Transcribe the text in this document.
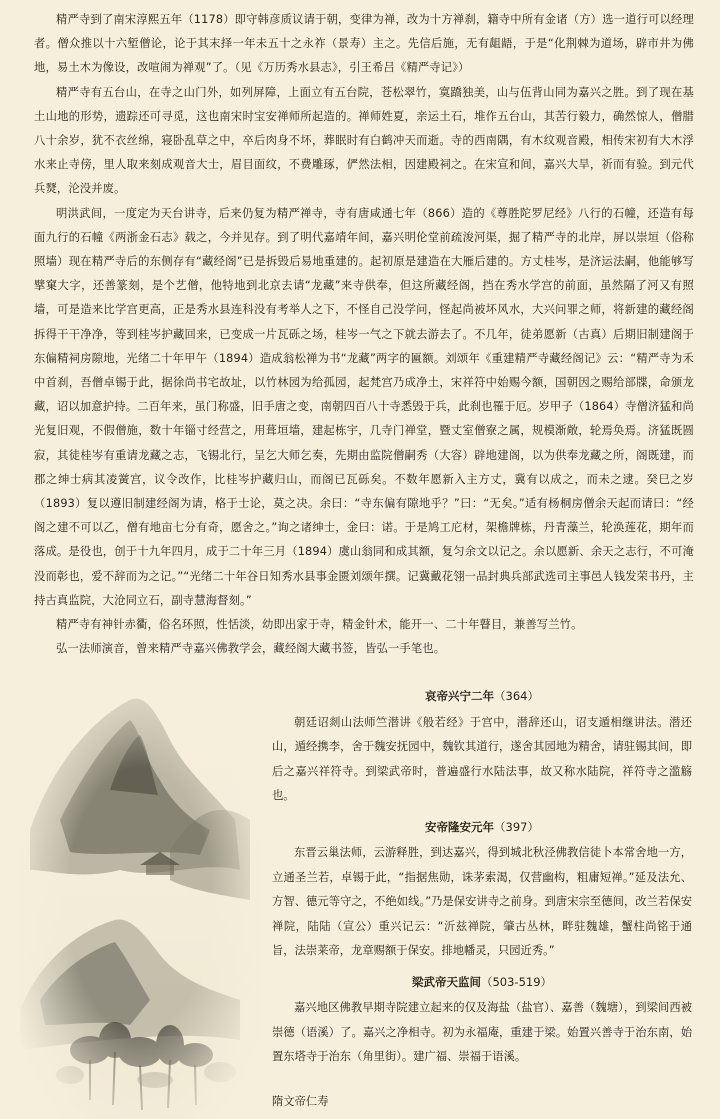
精严寺到了南宋淳熙五年（1178）即守韩彦质议请于朝，变律为禅，改为十方禅刹，籍寺中所有金诸（方）选一道行可以经理者。僧众推以十六堑僧论，论于其末择一年未五十之永祚（景寿）主之。先信后施，无有龃龉，于是“化荆棘为道场，辟市井为佛地，易土木为像设，改喧闹为禅观”了。（见《万历秀水县志》，引王希吕《精严寺记》）

精严寺有五台山，在寺之山门外，如列屏障，上面立有五台院，苍松翠竹，寞蹻独美，山与伍背山同为嘉兴之胜。到了现在基土山地的形势，遗踪还可寻觅，这也南宋时宝安禅师所起造的。禅师姓夏，亲运土石，堆作五台山，其苦行毅力，确然惊人，僧腊八十余岁，犹不衣丝绵，寝卧乱草之中，卒后肉身不坏，葬眠时有白鹤冲天而逝。寺的西南隅，有木纹观音殿，相传宋初有大木浮水来止寺傍，里人取来刻成观音大士，眉目面纹，不费雕琢，俨然法相，因建殿祠之。在宋宣和间，嘉兴大旱，祈而有验。到元代兵燹，沦没并废。

明洪武间，一度定为天台讲寺，后来仍复为精严禅寺，寺有唐咸通七年（866）造的《尊胜陀罗尼经》八行的石幢，还造有每面九行的石幢《两浙金石志》载之，今并见存。到了明代嘉靖年间，嘉兴明伦堂前疏浚河渠，掘了精严寺的北岸，屏以崇垣（俗称照墙）现在精严寺后的东侧存有“藏经阁”已是拆毁后易地重建的。起初原是建造在大雁后建的。方丈桂岑，是济运法嗣，他能够写擘窠大字，还善篆刻，是个艺僧，他特地到北京去请“龙藏”来寺供奉，但这所藏经阁，挡在秀水学宫的前面，虽然隔了河又有照墙，可是造来比学宫更高，正是秀水县连科没有考举人之下，不怪自己没学问，怪起尚被坏风水，大兴问罪之师，将新建的藏经阁拆得干干净净，等到桂岑护藏回来，已变成一片瓦砾之场，桂岑一气之下就去游去了。不几年，徒弟愿新（古真）后期旧制建阁于东偏精祠房隙地，光绪二十年甲午（1894）造成翁松禅为书“龙藏”两字的匾额。刘颂年《重建精严寺藏经阁记》云：“精严寺为禾中首刹，吾僧卓锡于此，据徐尚书宅故址，以竹林园为给孤园，起梵宫乃成净土，宋祥符中始赐今额，国朝因之赐给部牒，命颁龙藏，诏以加意护持。二百年来，虽门称盛，旧手唐之变，南朝四百八十寺悉毁于兵，此刹也罹于厄。岁甲子（1864）寺僧济猛和尚光复旧观，不假僧施，数十年锱寸经营之，用葺垣墙，建起栋宇，几寺门禅堂，暨丈室僧寮之属，规模渐敞，轮焉奂焉。济猛既圆寂，其徒桂岑有重请龙藏之志，飞锡北行，呈乞大师乞奏，先期由监院僧嗣秀（大容）辟地建阁，以为供奉龙藏之所，阁既建，而郡之绅士病其凌黉宫，议令改作，比桂岑护藏归山，而阁已瓦砾矣。不数年愿新入主方丈，冀有以成之，而未之逮。癸巳之岁（1893）复以遵旧制建经阁为请，格于士论，莫之决。余曰：“寺东偏有隙地乎？”曰：“无矣。”适有杨桐房僧余天起而请曰：“经阁之建不可以乙，僧有地亩七分有奇，愿舍之。”询之诸绅士，金曰：诺。于是鸠工庀材，架檐牌栋，丹青藻兰，轮涣莲花，期年而落成。是役也，创于十九年四月，成于二十年三月（1894）虞山翁同和成其额，复匀余文以记之。余以愿新、余天之志行，不可淹没而彰也，爱不辞而为之记。”“光绪二十年谷日知秀水县事金匮刘颂年撰。记冀戴花翎一品封典兵部武选司主事邑人钱发荣书丹，主持古真监院，大沧同立石，副寺慧海督刻。”

精严寺有神针赤衢，俗名环照，性恬淡，幼即出家于寺，精金针术，能开一、二十年瞽目，兼善写兰竹。

弘一法师演音，曾来精严寺嘉兴佛教学会，藏经阁大藏书签，皆弘一手笔也。

哀帝兴宁二年（364）

朝廷诏剡山法师竺潜讲《般若经》于宫中，潜辞还山，诏支遁相继讲法。潜还山，遁经携李，舍于魏安抚园中，魏钦其道行，遂舍其园地为精舍，请驻锡其间，即后之嘉兴祥符寺。到梁武帝时，普遍盛行水陆法事，故又称水陆院，祥符寺之滥觞也。

安帝隆安元年（397）

东晋云巢法师，云游释胜，到达嘉兴，得到城北秋泾佛教信徒卜本常舍地一方，立通圣兰若，卓锡于此，“指据焦勋，诛茅索渴，仅营幽构，粗庸短禅。”延及法允、方智、德元等守之，不绝如线。”乃是保安讲寺之前身。到唐宋宗至德间，改兰若保安禅院，陆陆（宣公）重兴记云：“沂兹禅院，肇古丛林，畔驻魏雄，蟹柱尚铭于通旨，法崇莱帝，龙章赐额于保安。排地幡灵，只园近秀。”

梁武帝天监间（503-519）

嘉兴地区佛教早期寺院建立起来的仅及海盐（盐官）、嘉善（魏塘），到梁间西被崇德（语溪）了。嘉兴之净相寺。初为永福庵，重建于梁。始置兴善寺于治东南，始置东塔寺于治东（角里街）。建广福、崇福于语溪。

隋文帝仁寿
